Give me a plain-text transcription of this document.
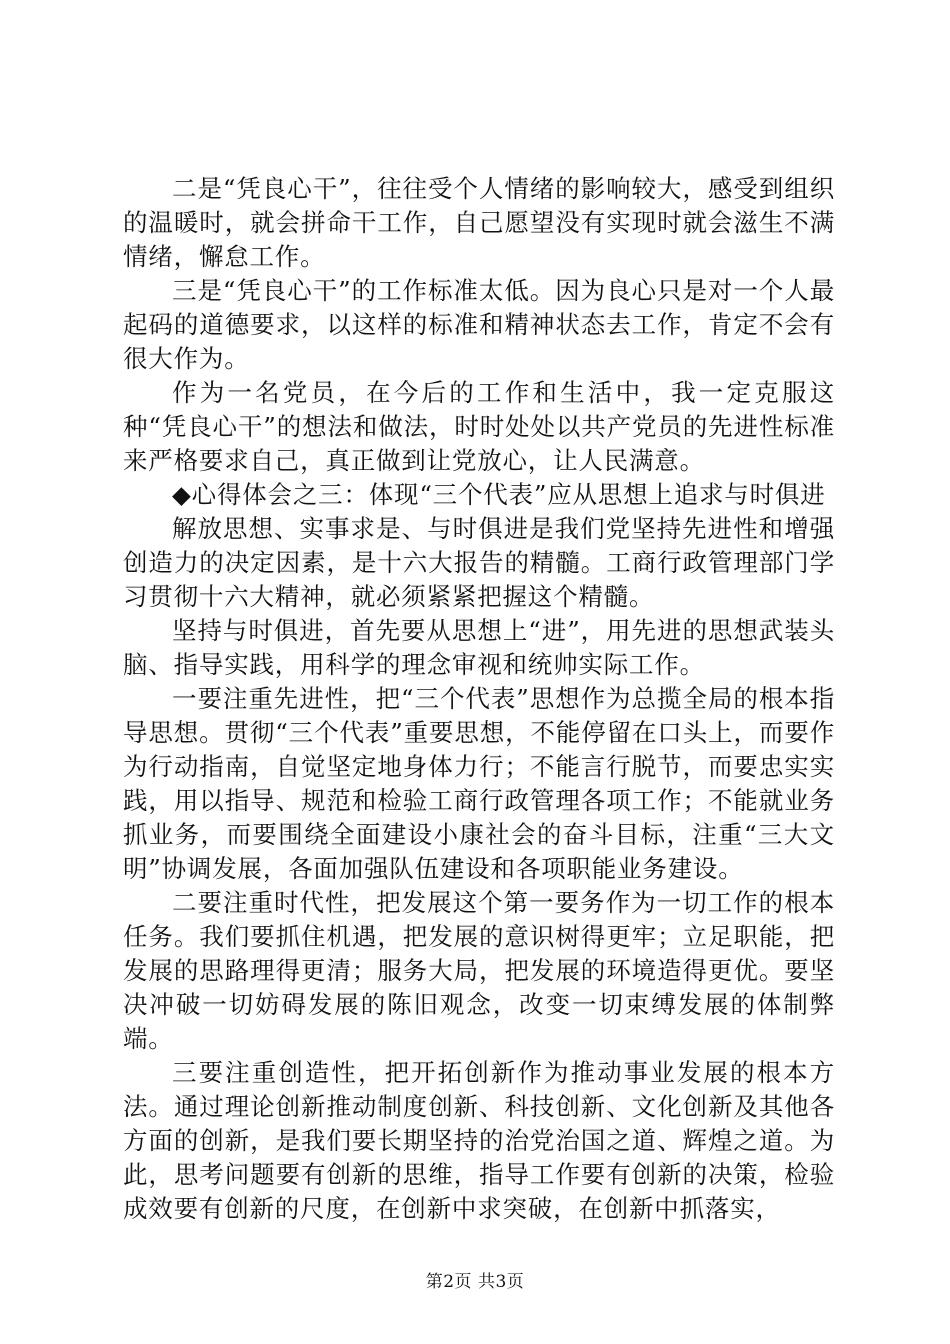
二是“凭良心干”，往往受个人情绪的影响较大，感受到组织的温暖时，就会拼命干工作，自己愿望没有实现时就会滋生不满情绪，懈怠工作。

三是“凭良心干”的工作标准太低。因为良心只是对一个人最起码的道德要求，以这样的标准和精神状态去工作，肯定不会有很大作为。

作为一名党员，在今后的工作和生活中，我一定克服这种“凭良心干”的想法和做法，时时处处以共产党员的先进性标准来严格要求自己，真正做到让党放心，让人民满意。

◆心得体会之三：体现“三个代表”应从思想上追求与时俱进

解放思想、实事求是、与时俱进是我们党坚持先进性和增强创造力的决定因素，是十六大报告的精髓。工商行政管理部门学习贯彻十六大精神，就必须紧紧把握这个精髓。

坚持与时俱进，首先要从思想上“进”，用先进的思想武装头脑、指导实践，用科学的理念审视和统帅实际工作。

一要注重先进性，把“三个代表”思想作为总揽全局的根本指导思想。贯彻“三个代表”重要思想，不能停留在口头上，而要作为行动指南，自觉坚定地身体力行；不能言行脱节，而要忠实实践，用以指导、规范和检验工商行政管理各项工作；不能就业务抓业务，而要围绕全面建设小康社会的奋斗目标，注重“三大文明”协调发展，各面加强队伍建设和各项职能业务建设。

二要注重时代性，把发展这个第一要务作为一切工作的根本任务。我们要抓住机遇，把发展的意识树得更牢；立足职能，把发展的思路理得更清；服务大局，把发展的环境造得更优。要坚决冲破一切妨碍发展的陈旧观念，改变一切束缚发展的体制弊端。

三要注重创造性，把开拓创新作为推动事业发展的根本方法。通过理论创新推动制度创新、科技创新、文化创新及其他各方面的创新，是我们要长期坚持的治党治国之道、辉煌之道。为此，思考问题要有创新的思维，指导工作要有创新的决策，检验成效要有创新的尺度，在创新中求突破，在创新中抓落实，

第2页 共3页
